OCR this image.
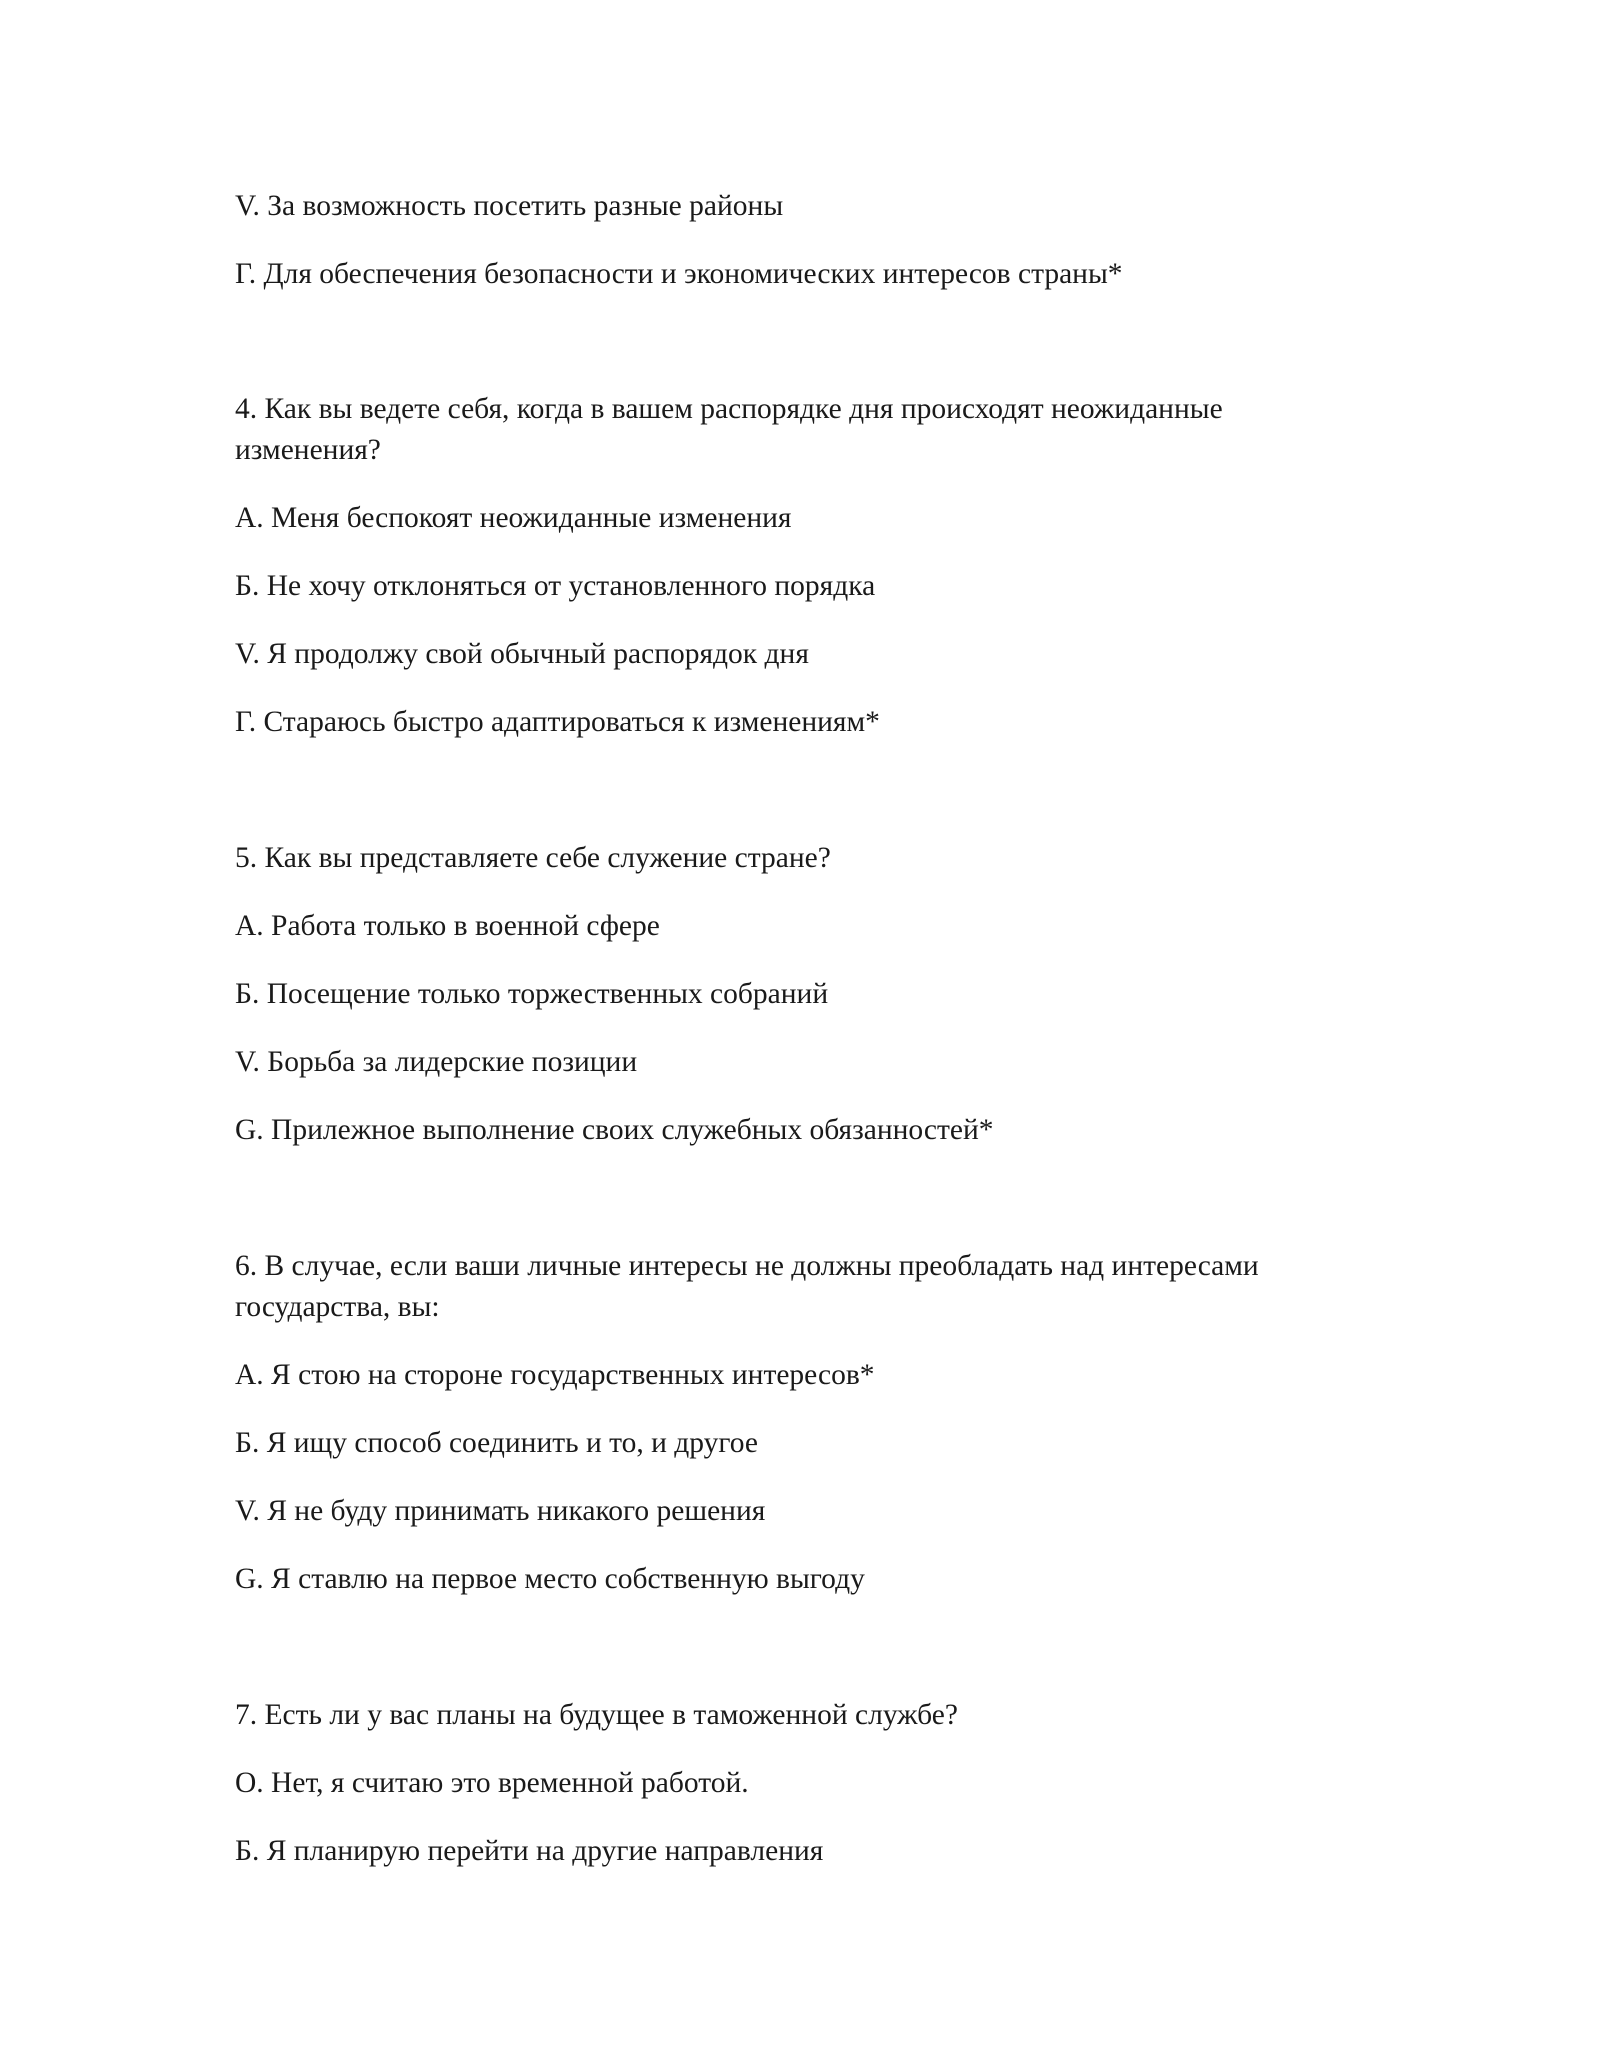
V. За возможность посетить разные районы

Г. Для обеспечения безопасности и экономических интересов страны*

4. Как вы ведете себя, когда в вашем распорядке дня происходят неожиданные изменения?

А. Меня беспокоят неожиданные изменения

Б. Не хочу отклоняться от установленного порядка

V. Я продолжу свой обычный распорядок дня

Г. Стараюсь быстро адаптироваться к изменениям*

5. Как вы представляете себе служение стране?

А. Работа только в военной сфере

Б. Посещение только торжественных собраний

V. Борьба за лидерские позиции

G. Прилежное выполнение своих служебных обязанностей*

6. В случае, если ваши личные интересы не должны преобладать над интересами государства, вы:

А. Я стою на стороне государственных интересов*

Б. Я ищу способ соединить и то, и другое

V. Я не буду принимать никакого решения

G. Я ставлю на первое место собственную выгоду

7. Есть ли у вас планы на будущее в таможенной службе?

О. Нет, я считаю это временной работой.

Б. Я планирую перейти на другие направления
